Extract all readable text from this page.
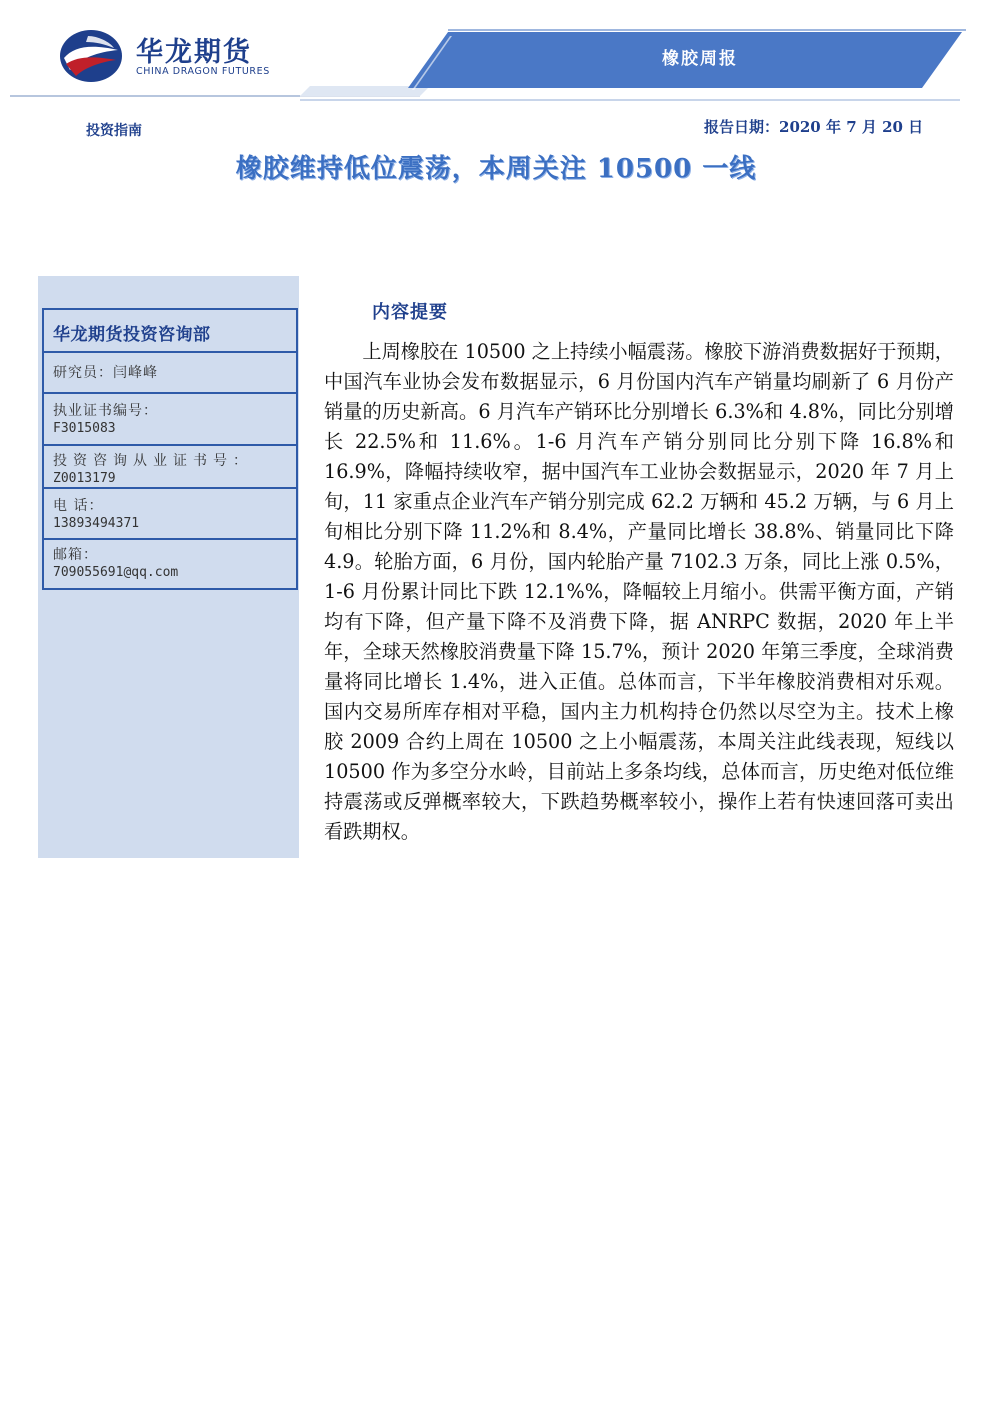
华龙期货
CHINA DRAGON FUTURES
橡胶周报
投资指南	报告日期：2020 年 7 月 20 日
橡胶维持低位震荡，本周关注 10500 一线
华龙期货投资咨询部
研究员：闫峰峰
执业证书编号：
F3015083
投资咨询从业证书号：
Z0013179
电 话：
13893494371
邮箱：
709055691@qq.com
内容提要
上周橡胶在 10500 之上持续小幅震荡。橡胶下游消费数据好于预期，中国汽车业协会发布数据显示，6 月份国内汽车产销量均刷新了 6 月份产销量的历史新高。6 月汽车产销环比分别增长 6.3%和 4.8%，同比分别增长 22.5%和 11.6%。1-6 月汽车产销分别同比分别下降 16.8%和 16.9%，降幅持续收窄，据中国汽车工业协会数据显示，2020 年 7 月上旬，11 家重点企业汽车产销分别完成 62.2 万辆和 45.2 万辆，与 6 月上旬相比分别下降 11.2%和 8.4%，产量同比增长 38.8%、销量同比下降 4.9。轮胎方面，6 月份，国内轮胎产量 7102.3 万条，同比上涨 0.5%，1-6 月份累计同比下跌 12.1%%，降幅较上月缩小。供需平衡方面，产销均有下降，但产量下降不及消费下降，据 ANRPC 数据，2020 年上半年，全球天然橡胶消费量下降 15.7%，预计 2020 年第三季度，全球消费量将同比增长 1.4%，进入正值。总体而言，下半年橡胶消费相对乐观。国内交易所库存相对平稳，国内主力机构持仓仍然以尽空为主。技术上橡胶 2009 合约上周在 10500 之上小幅震荡，本周关注此线表现，短线以 10500 作为多空分水岭，目前站上多条均线，总体而言，历史绝对低位维持震荡或反弹概率较大，下跌趋势概率较小，操作上若有快速回落可卖出看跌期权。
